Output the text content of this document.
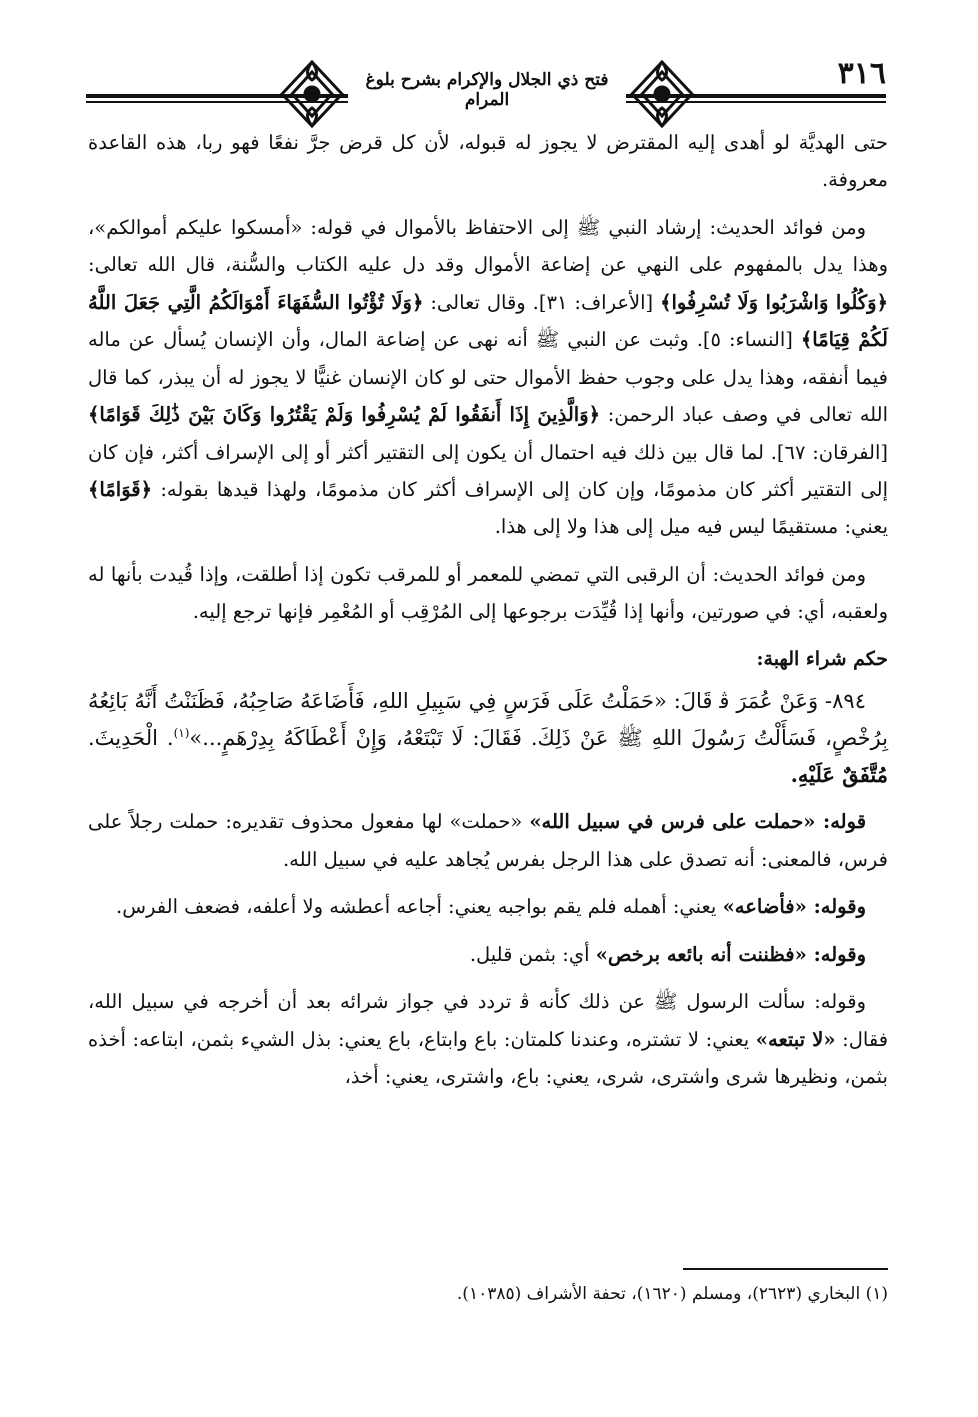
فتح ذي الجلال والإكرام بشرح بلوغ المرام
٣١٦

حتى الهديَّة لو أهدى إليه المقترض لا يجوز له قبوله، لأن كل قرض جرَّ نفعًا فهو ربا، هذه القاعدة معروفة.

ومن فوائد الحديث: إرشاد النبي ﷺ إلى الاحتفاظ بالأموال في قوله: «أمسكوا عليكم أموالكم»، وهذا يدل بالمفهوم على النهي عن إضاعة الأموال وقد دل عليه الكتاب والسُّنة، قال الله تعالى: ﴿وَكُلُوا وَاشْرَبُوا وَلَا تُسْرِفُوا﴾ [الأعراف: ٣١]. وقال تعالى: ﴿وَلَا تُؤْتُوا السُّفَهَاءَ أَمْوَالَكُمُ الَّتِي جَعَلَ اللَّهُ لَكُمْ قِيَامًا﴾ [النساء: ٥]. وثبت عن النبي ﷺ أنه نهى عن إضاعة المال، وأن الإنسان يُسأل عن ماله فيما أنفقه، وهذا يدل على وجوب حفظ الأموال حتى لو كان الإنسان غنيًّا لا يجوز له أن يبذر، كما قال الله تعالى في وصف عباد الرحمن: ﴿وَالَّذِينَ إِذَا أَنفَقُوا لَمْ يُسْرِفُوا وَلَمْ يَقْتُرُوا وَكَانَ بَيْنَ ذَٰلِكَ قَوَامًا﴾ [الفرقان: ٦٧]. لما قال بين ذلك فيه احتمال أن يكون إلى التقتير أكثر أو إلى الإسراف أكثر، فإن كان إلى التقتير أكثر كان مذمومًا، وإن كان إلى الإسراف أكثر كان مذمومًا، ولهذا قيدها بقوله: ﴿قَوَامًا﴾ يعني: مستقيمًا ليس فيه ميل إلى هذا ولا إلى هذا.

ومن فوائد الحديث: أن الرقبى التي تمضي للمعمر أو للمرقب تكون إذا أطلقت، وإذا قُيدت بأنها له ولعقبه، أي: في صورتين، وأنها إذا قُيِّدَت برجوعها إلى المُرْقِب أو المُعْمِر فإنها ترجع إليه.

حكم شراء الهبة:

٨٩٤- وَعَنْ عُمَرَ ﭬ قَالَ: «حَمَلْتُ عَلَى فَرَسٍ فِي سَبِيلِ اللهِ، فَأَضَاعَهُ صَاحِبُهُ، فَظَنَنْتُ أَنَّهُ بَائِعُهُ بِرُخْصٍ، فَسَأَلْتُ رَسُولَ اللهِ ﷺ عَنْ ذَلِكَ. فَقَالَ: لَا تَبْتَعْهُ، وَإِنْ أَعْطَاكَهُ بِدِرْهَمٍ...»$^{(١)}$. الْحَدِيثَ. مُتَّفَقٌ عَلَيْهِ.

قوله: «حملت على فرس في سبيل الله» «حملت» لها مفعول محذوف تقديره: حملت رجلاً على فرس، فالمعنى: أنه تصدق على هذا الرجل بفرس يُجاهد عليه في سبيل الله.

وقوله: «فأضاعه» يعني: أهمله فلم يقم بواجبه يعني: أجاعه أعطشه ولا أعلفه، فضعف الفرس.

وقوله: «فظننت أنه بائعه برخص» أي: بثمن قليل.

وقوله: سألت الرسول ﷺ عن ذلك كأنه ﭬ تردد في جواز شرائه بعد أن أخرجه في سبيل الله، فقال: «لا تبتعه» يعني: لا تشتره، وعندنا كلمتان: باع وابتاع، باع يعني: بذل الشيء بثمن، ابتاعه: أخذه بثمن، ونظيرها شرى واشترى، شرى، يعني: باع، واشترى، يعني: أخذ،

(١) البخاري (٢٦٢٣)، ومسلم (١٦٢٠)، تحفة الأشراف (١٠٣٨٥).
